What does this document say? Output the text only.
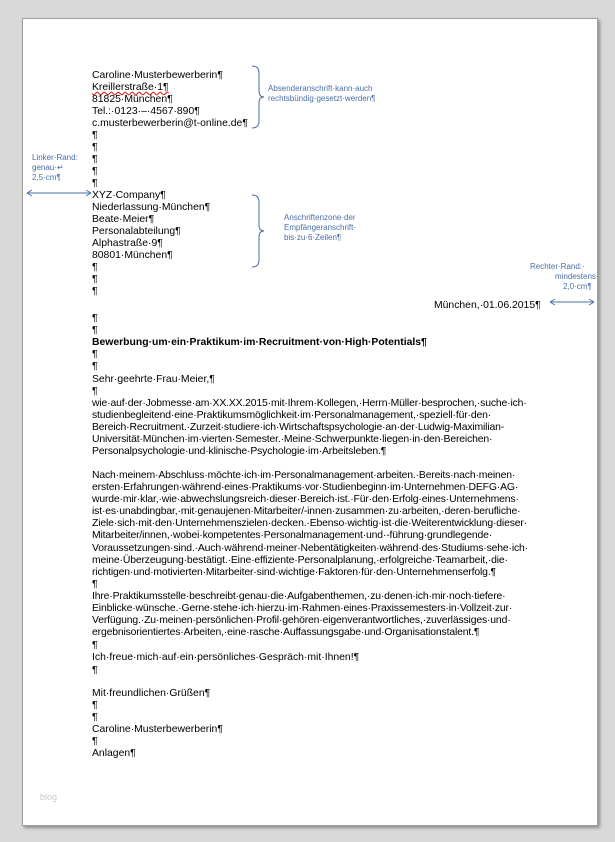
Caroline·Musterbewerberin¶
Kreillerstraße·1¶
81825·München¶
Tel.:·0123·–·4567·890¶
c.musterbewerberin@t-online.de¶
Absenderanschrift·kann·auch
rechtsbündig·gesetzt·werden¶
Linker·Rand:
genau·↵
2,5·cm¶
¶
¶
¶
¶
¶
XYZ·Company¶
Niederlassung·München¶
Beate·Meier¶
Personalabteilung¶
Alphastraße·9¶
80801·München¶
Anschriftenzone·der
Empfängeranschrift·
bis·zu·6·Zeilen¶
¶
¶
¶
Rechter·Rand:·
mindestens·
2,0·cm¶
München,·01.06.2015¶
¶
¶
Bewerbung·um·ein·Praktikum·im·Recruitment·von·High·Potentials¶
¶
¶
Sehr·geehrte·Frau·Meier,¶
¶
wie·auf·der·Jobmesse·am·XX.XX.2015·mit·Ihrem·Kollegen,·Herrn·Müller·besprochen,·suche·ich·
studienbegleitend·eine·Praktikumsmöglichkeit·im·Personalmanagement,·speziell·für·den·
Bereich·Recruitment.·Zurzeit·studiere·ich·Wirtschaftspsychologie·an·der·Ludwig-Maximilian-
Universität·München·im·vierten·Semester.·Meine·Schwerpunkte·liegen·in·den·Bereichen·
Personalpsychologie·und·klinische·Psychologie·im·Arbeitsleben.¶
Nach·meinem·Abschluss·möchte·ich·im·Personalmanagement·arbeiten.·Bereits·nach·meinen·
ersten·Erfahrungen·während·eines·Praktikums·vor·Studienbeginn·im·Unternehmen·DEFG·AG·
wurde·mir·klar,·wie·abwechslungsreich·dieser·Bereich·ist.·Für·den·Erfolg·eines·Unternehmens·
ist·es·unabdingbar,·mit·genaujenen·Mitarbeiter/-innen·zusammen·zu·arbeiten,·deren·berufliche·
Ziele·sich·mit·den·Unternehmenszielen·decken.·Ebenso·wichtig·ist·die·Weiterentwicklung·dieser·
Mitarbeiter/innen,·wobei·kompetentes·Personalmanagement·und·-führung·grundlegende·
Voraussetzungen·sind.·Auch·während·meiner·Nebentätigkeiten·während·des·Studiums·sehe·ich·
meine·Überzeugung·bestätigt.·Eine·effiziente·Personalplanung,·erfolgreiche·Teamarbeit,·die·
richtigen·und·motivierten·Mitarbeiter·sind·wichtige·Faktoren·für·den·Unternehmenserfolg.¶
¶
Ihre·Praktikumsstelle·beschreibt·genau·die·Aufgabenthemen,·zu·denen·ich·mir·noch·tiefere·
Einblicke·wünsche.·Gerne·stehe·ich·hierzu·im·Rahmen·eines·Praxissemesters·in·Vollzeit·zur·
Verfügung.·Zu·meinen·persönlichen·Profil·gehören·eigenverantwortliches,·zuverlässiges·und·
ergebnisorientiertes·Arbeiten,·eine·rasche·Auffassungsgabe·und·Organisationstalent.¶
¶
Ich·freue·mich·auf·ein·persönliches·Gespräch·mit·Ihnen!¶
¶
Mit·freundlichen·Grüßen¶
¶
¶
Caroline·Musterbewerberin¶
¶
Anlagen¶
blog
